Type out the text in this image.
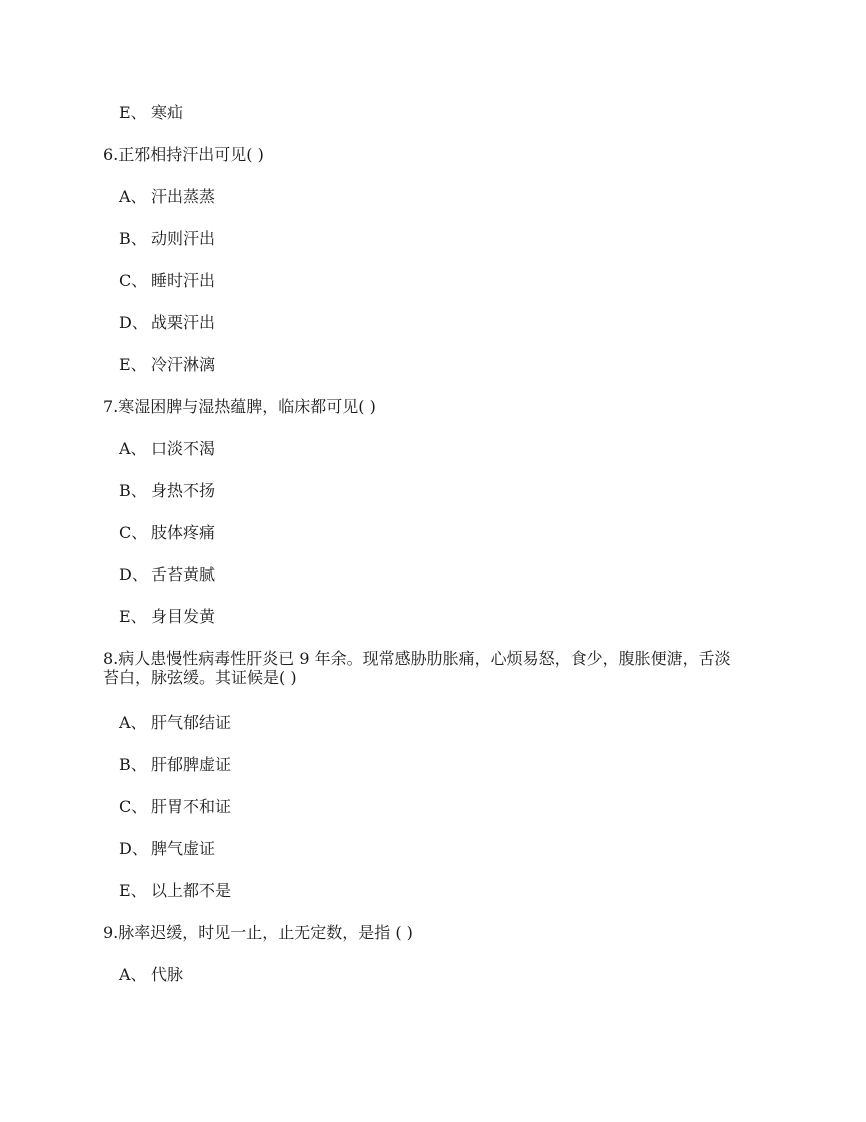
E、 寒疝
6.正邪相持汗出可见( )
A、 汗出蒸蒸
B、 动则汗出
C、 睡时汗出
D、 战栗汗出
E、 冷汗淋漓
7.寒湿困脾与湿热蕴脾，临床都可见( )
A、 口淡不渴
B、 身热不扬
C、 肢体疼痛
D、 舌苔黄腻
E、 身目发黄
8.病人患慢性病毒性肝炎已 9 年余。现常感胁肋胀痛，心烦易怒，食少，腹胀便溏，舌淡
苔白，脉弦缓。其证候是( )
A、 肝气郁结证
B、 肝郁脾虚证
C、 肝胃不和证
D、 脾气虚证
E、 以上都不是
9.脉率迟缓，时见一止，止无定数，是指 ( )
A、 代脉
